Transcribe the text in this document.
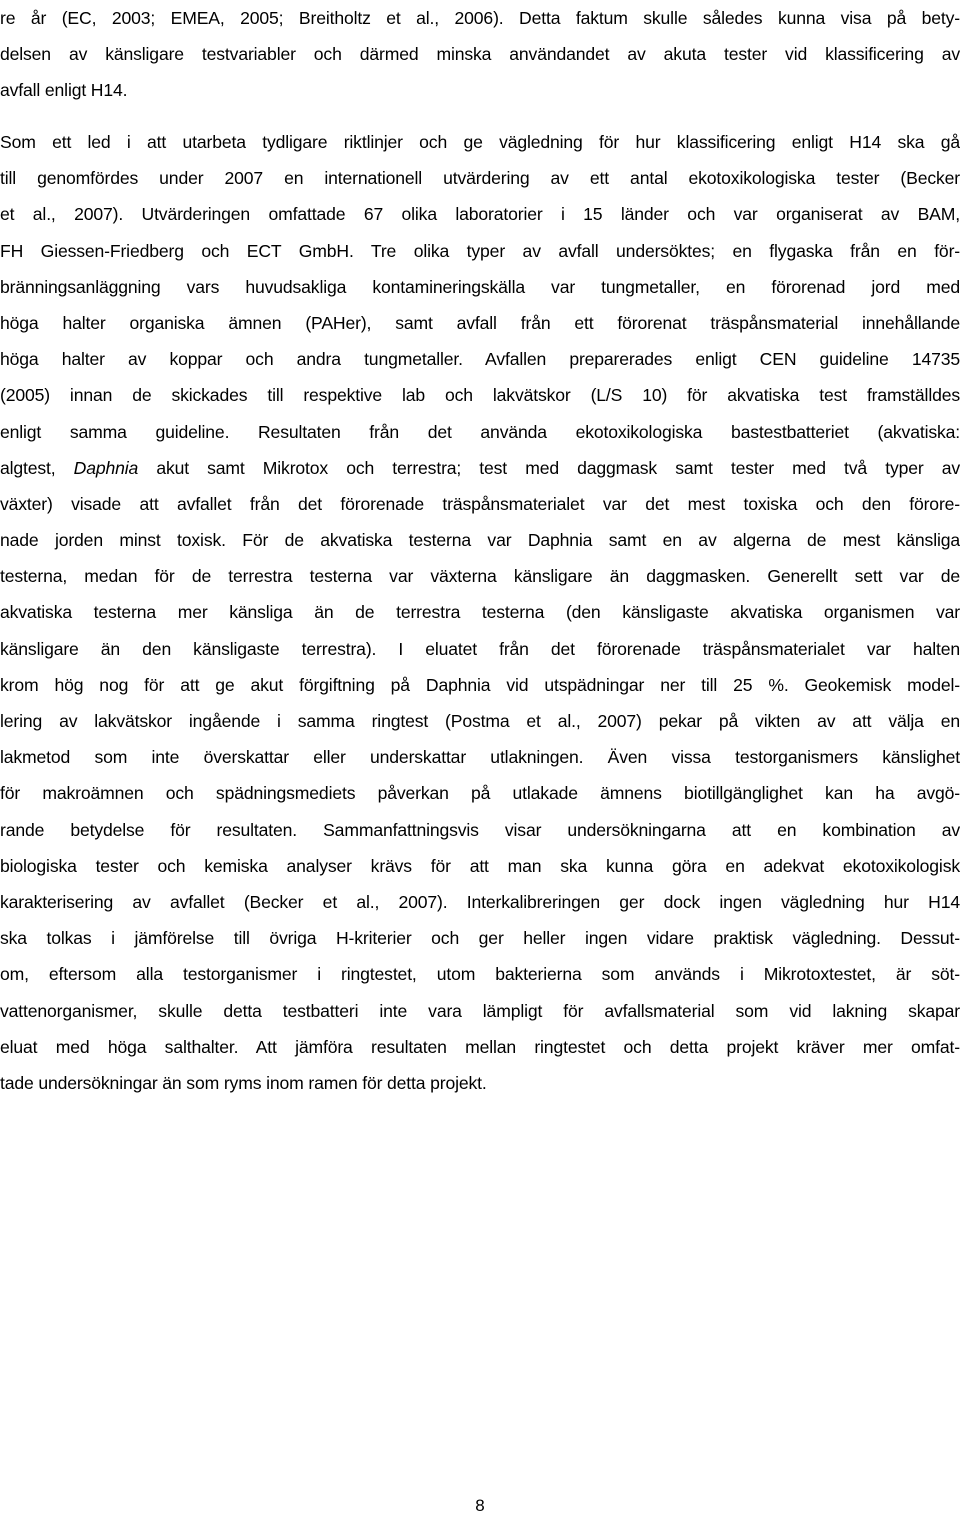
re år (EC, 2003; EMEA, 2005; Breitholtz et al., 2006). Detta faktum skulle således kunna visa på bety-
delsen av känsligare testvariabler och därmed minska användandet av akuta tester vid klassificering av
avfall enligt H14.
Som ett led i att utarbeta tydligare riktlinjer och ge vägledning för hur klassificering enligt H14 ska gå
till genomfördes under 2007 en internationell utvärdering av ett antal ekotoxikologiska tester (Becker
et al., 2007). Utvärderingen omfattade 67 olika laboratorier i 15 länder och var organiserat av BAM,
FH Giessen-Friedberg och ECT GmbH. Tre olika typer av avfall undersöktes; en flygaska från en för-
bränningsanläggning vars huvudsakliga kontamineringskälla var tungmetaller, en förorenad jord med
höga halter organiska ämnen (PAHer), samt avfall från ett förorenat träspånsmaterial innehållande
höga halter av koppar och andra tungmetaller. Avfallen preparerades enligt CEN guideline 14735
(2005) innan de skickades till respektive lab och lakvätskor (L/S 10) för akvatiska test framställdes
enligt samma guideline. Resultaten från det använda ekotoxikologiska bastestbatteriet (akvatiska:
algtest, Daphnia akut samt Mikrotox och terrestra; test med daggmask samt tester med två typer av
växter) visade att avfallet från det förorenade träspånsmaterialet var det mest toxiska och den förore-
nade jorden minst toxisk. För de akvatiska testerna var Daphnia samt en av algerna de mest känsliga
testerna, medan för de terrestra testerna var växterna känsligare än daggmasken. Generellt sett var de
akvatiska testerna mer känsliga än de terrestra testerna (den känsligaste akvatiska organismen var
känsligare än den känsligaste terrestra). I eluatet från det förorenade träspånsmaterialet var halten
krom hög nog för att ge akut förgiftning på Daphnia vid utspädningar ner till 25 %. Geokemisk model-
lering av lakvätskor ingående i samma ringtest (Postma et al., 2007) pekar på vikten av att välja en
lakmetod som inte överskattar eller underskattar utlakningen. Även vissa testorganismers känslighet
för makroämnen och spädningsmediets påverkan på utlakade ämnens biotillgänglighet kan ha avgö-
rande betydelse för resultaten. Sammanfattningsvis visar undersökningarna att en kombination av
biologiska tester och kemiska analyser krävs för att man ska kunna göra en adekvat ekotoxikologisk
karakterisering av avfallet (Becker et al., 2007). Interkalibreringen ger dock ingen vägledning hur H14
ska tolkas i jämförelse till övriga H-kriterier och ger heller ingen vidare praktisk vägledning. Dessut-
om, eftersom alla testorganismer i ringtestet, utom bakterierna som används i Mikrotoxtestet, är söt-
vattenorganismer, skulle detta testbatteri inte vara lämpligt för avfallsmaterial som vid lakning skapar
eluat med höga salthalter. Att jämföra resultaten mellan ringtestet och detta projekt kräver mer omfat-
tade undersökningar än som ryms inom ramen för detta projekt.
8
